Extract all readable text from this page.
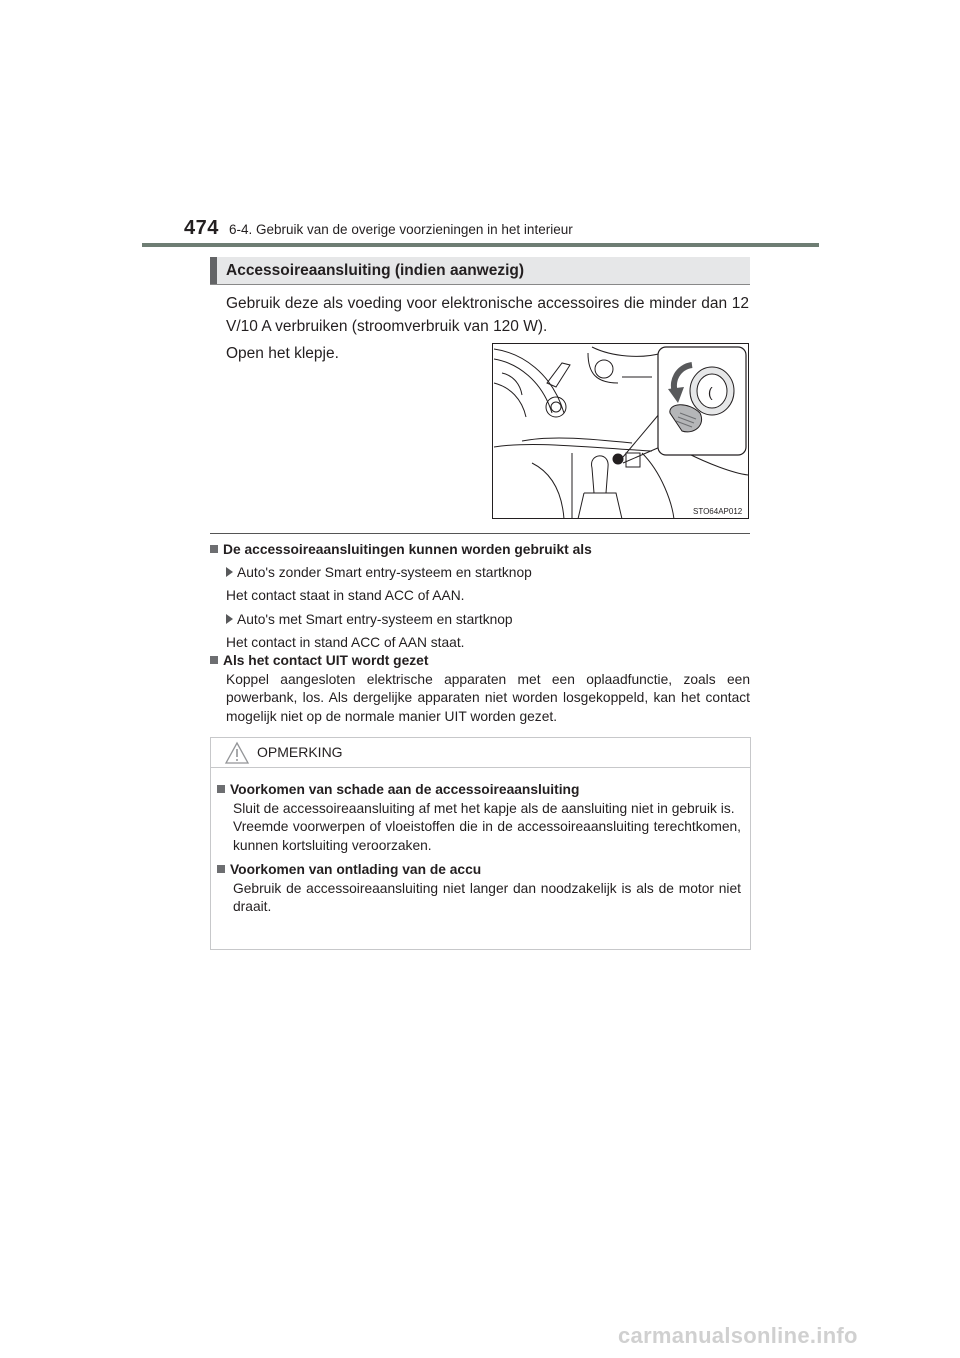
474 6-4. Gebruik van de overige voorzieningen in het interieur
Accessoireaansluiting (indien aanwezig)
Gebruik deze als voeding voor elektronische accessoires die minder dan 12 V/10 A verbruiken (stroomverbruik van 120 W).
Open het klepje.
(
STO64AP012
De accessoireaansluitingen kunnen worden gebruikt als
Auto's zonder Smart entry-systeem en startknop
Het contact staat in stand ACC of AAN.
Auto's met Smart entry-systeem en startknop
Het contact in stand ACC of AAN staat.
Als het contact UIT wordt gezet
Koppel aangesloten elektrische apparaten met een oplaadfunctie, zoals een powerbank, los. Als dergelijke apparaten niet worden losgekoppeld, kan het contact mogelijk niet op de normale manier UIT worden gezet.
OPMERKING
Voorkomen van schade aan de accessoireaansluiting
Sluit de accessoireaansluiting af met het kapje als de aansluiting niet in gebruik is.
Vreemde voorwerpen of vloeistoffen die in de accessoireaansluiting terechtkomen, kunnen kortsluiting veroorzaken.
Voorkomen van ontlading van de accu
Gebruik de accessoireaansluiting niet langer dan noodzakelijk is als de motor niet draait.
carmanualsonline.info
